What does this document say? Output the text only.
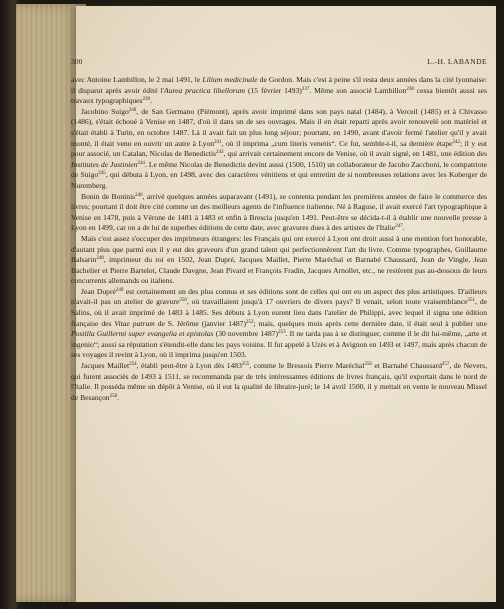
300	L.-H. LABANDE

avec Antoine Lambillon, le 2 mai 1491, le Lilium medicinale de Gordon. Mais c'est à peine s'il resta deux années dans la cité lyonnaise: il disparut après avoir édité l'Aurea practica libellorum (15 février 1493)$^{237}$. Même son associé Lambillon$^{238}$ cessa bientôt aussi ses travaux typographiques$^{239}$.

Jacobino Suigo$^{240}$, de San Germano (Piémont), après avoir imprimé dans son pays natal (1484), à Verceil (1485) et à Chivasso (1486), s'était échoué à Venise en 1487, d'où il dans un de ses ouvrages. Mais il en était reparti après avoir renouvelé son matériel et s'était établi à Turin, en octobre 1487. Là il avait fait un plus long séjour; pourtant, en 1490, avant d'avoir fermé l'atelier qu'il y avait monté, il était venu en ouvrir un autre à Lyon$^{241}$, où il imprima „cum literis venetis“. Ce fut, semble-t-il, sa dernière étape$^{242}$; il y eut pour associé, un Catalan, Nicolas de Benedictis$^{243}$, qui arrivait certainement encore de Venise, où il avait signé, en 1481, une édition des Institutes de Justinien$^{244}$. Le même Nicolas de Benedictis devint aussi (1500, 1510) un collaborateur de Jacobo Zacchoni, le compatriote de Suigo$^{245}$, qui débuta à Lyon, en 1498, avec des caractères vénitiens et qui entretint de si nombreuses relations avec les Koberger de Nuremberg.

Bonin de Boninis$^{246}$, arrivé quelques années auparavant (1491), se contenta pendant les premières années de faire le commerce des livres; pourtant il doit être cité comme un des meilleurs agents de l'influence italienne. Né à Raguse, il avait exercé l'art typographique à Venise en 1478, puis à Vérone de 1481 à 1483 et enfin à Brescia jusqu'en 1491. Peut-être se décida-t-il à établir une nouvelle presse à Lyon en 1499, car on a de lui de superbes éditions de cette date, avec gravures dues à des artistes de l'Italie$^{247}$.

Mais c'est assez s'occuper des imprimeurs étrangers: les Français qui ont exercé à Lyon ont droit aussi à une mention fort honorable, d'autant plus que parmi eux il y eut des graveurs d'un grand talent qui perfectionnèrent l'art du livre. Comme typographes, Guillaume Balsarin$^{248}$, imprimeur du roi en 1502, Jean Dupré, Jacques Maillet, Pierre Maréchal et Barnabé Chaussard, Jean de Vingle, Jean Bachelier et Pierre Bartelot, Claude Davgne, Jean Pivard et François Fradin, Jacques Arnollet, etc., ne restèrent pas au-dessous de leurs concurrents allemands ou italiens.

Jean Dupré$^{249}$ est certainement un des plus connus et ses éditions sont de celles qui ont eu un aspect des plus artistiques. D'ailleurs n'avait-il pas un atelier de gravure$^{250}$, où travaillaient jusqu'à 17 ouvriers de divers pays? Il venait, selon toute vraisemblance$^{251}$, de Salins, où il avait imprimé de 1483 à 1485. Ses débuts à Lyon eurent lieu dans l'atelier de Philippi, avec lequel il signa une édition française des Vitae patrum de S. Jérôme (janvier 1487)$^{252}$; mais, quelques mois après cette dernière date, il était seul à publier une Postilla Guillermi super evangelia et epistolas (30 novembre 1487)$^{253}$. Il ne tarda pas à se distinguer, comme il le dit lui-même, „arte et ingenio“; aussi sa réputation s'étendit-elle dans les pays voisins. Il fut appelé à Uzès et à Avignon en 1493 et 1497, mais après chacun de ses voyages il revint à Lyon, où il imprima jusqu'en 1503.

Jacques Maillet$^{254}$, établi peut-être à Lyon dès 1483$^{255}$, comme le Bressois Pierre Maréchal$^{256}$ et Barnabé Chaussard$^{257}$, de Nevers, qui furent associés de 1493 à 1511, se recommanda par de très intéressantes éditions de livres français, qu'il exportait dans le nord de l'Italie. Il posséda même un dépôt à Venise, où il eut la qualité de libraire-juré; le 14 avril 1500, il y mettait en vente le nouveau Missel de Besançon$^{258}$.
